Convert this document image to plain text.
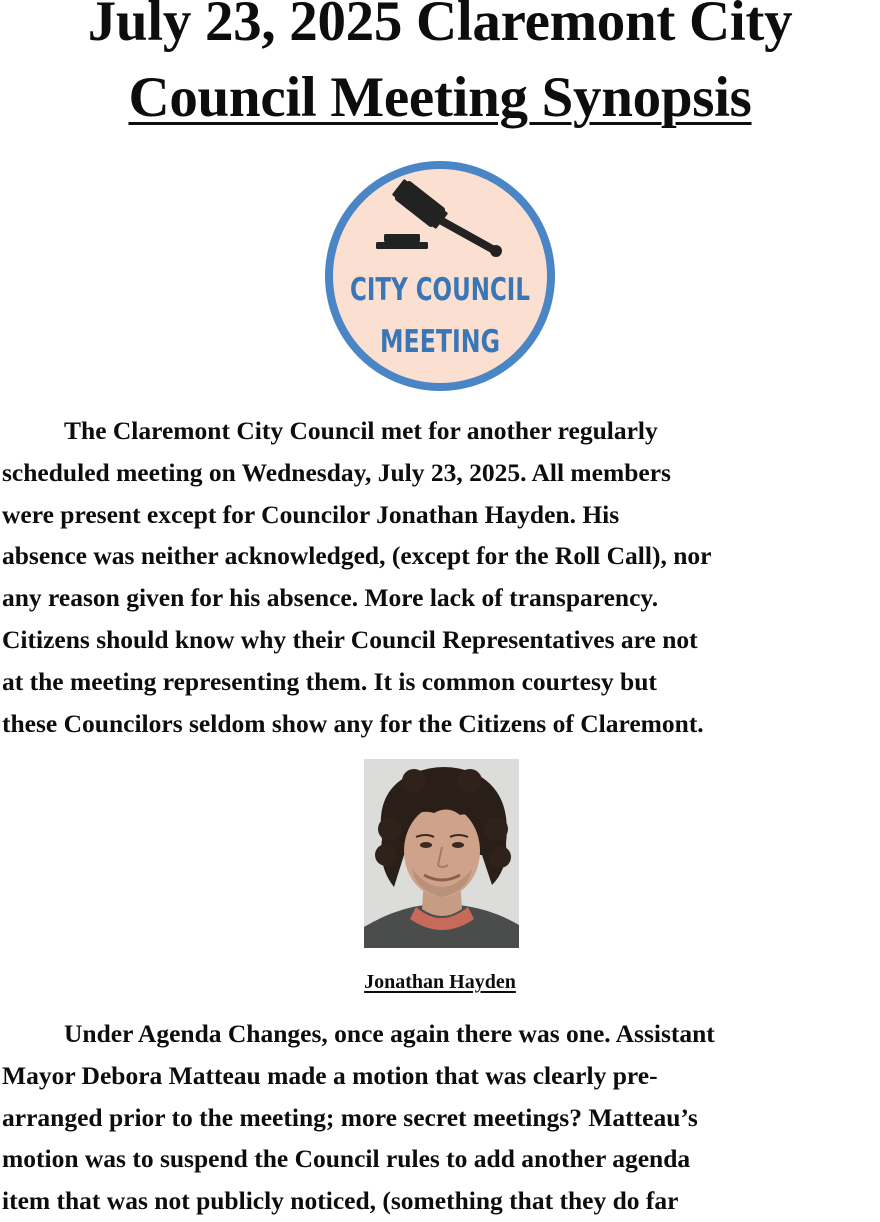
July 23, 2025 Claremont City
Council Meeting Synopsis
CITY COUNCIL
MEETING

The Claremont City Council met for another regularly
scheduled meeting on Wednesday, July 23, 2025. All members
were present except for Councilor Jonathan Hayden. His
absence was neither acknowledged, (except for the Roll Call), nor
any reason given for his absence. More lack of transparency.
Citizens should know why their Council Representatives are not
at the meeting representing them. It is common courtesy but
these Councilors seldom show any for the Citizens of Claremont.

Jonathan Hayden

Under Agenda Changes, once again there was one. Assistant
Mayor Debora Matteau made a motion that was clearly pre-
arranged prior to the meeting; more secret meetings? Matteau’s
motion was to suspend the Council rules to add another agenda
item that was not publicly noticed, (something that they do far
